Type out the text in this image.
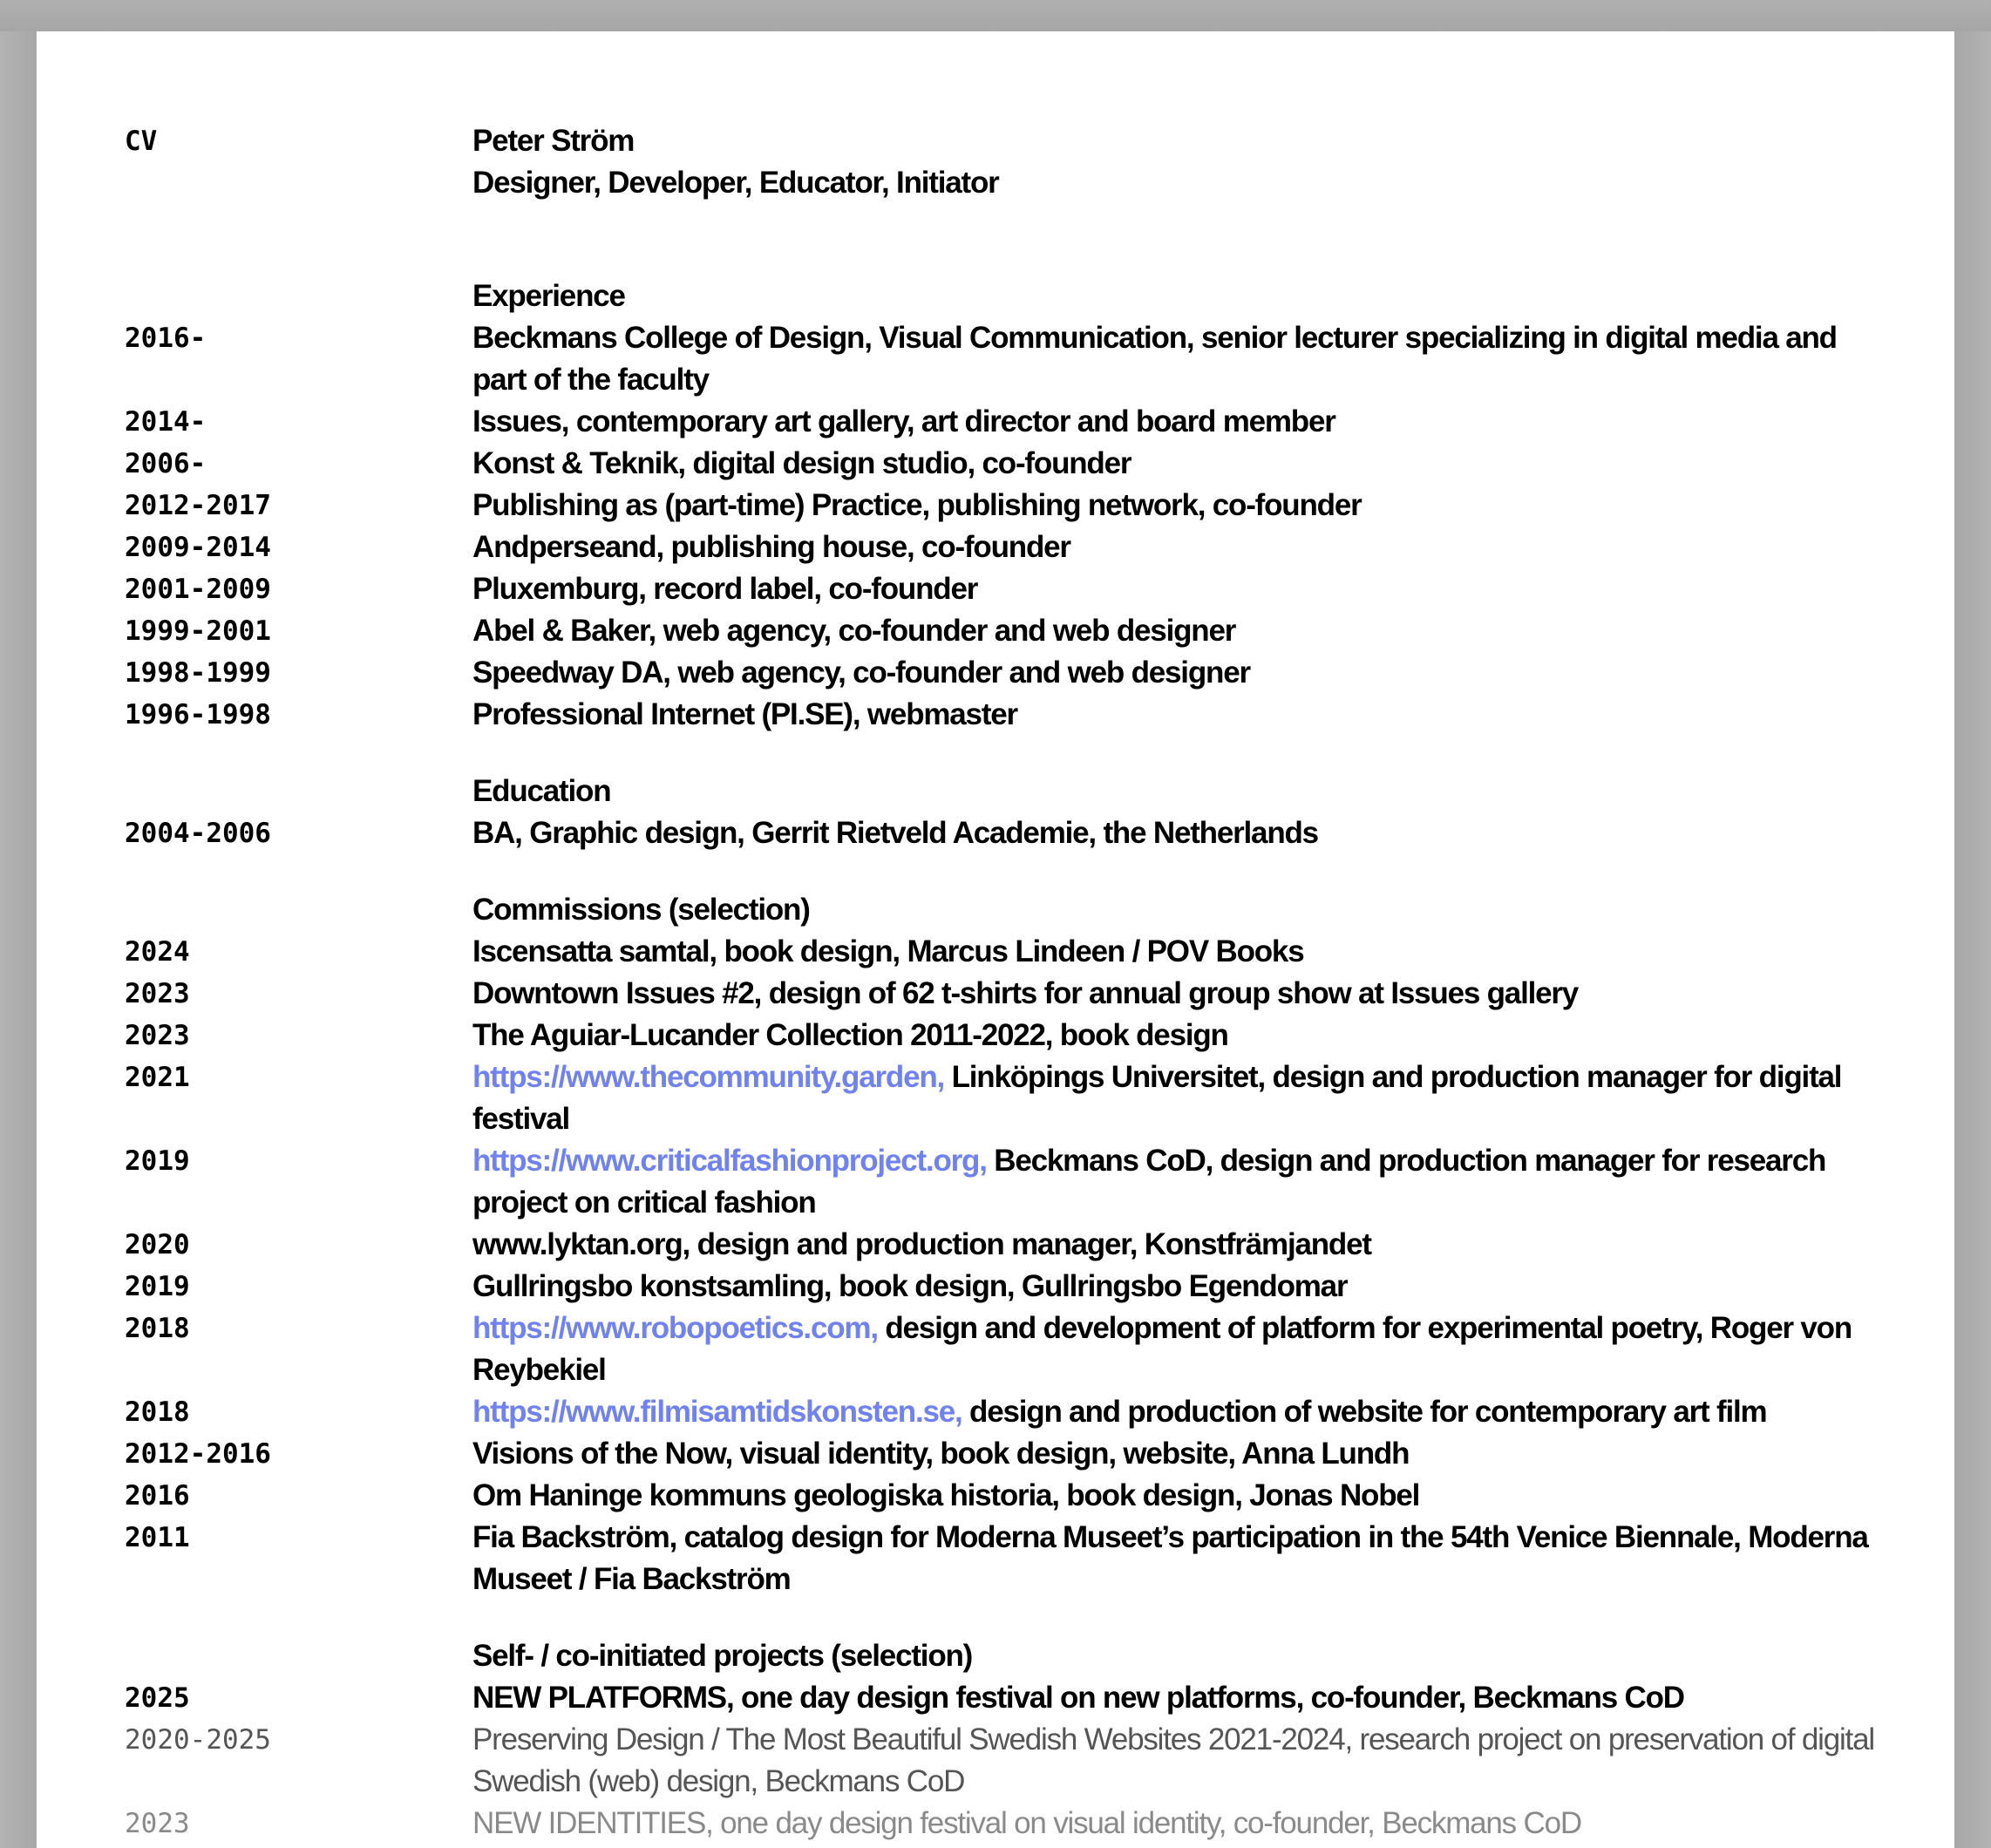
CV	Peter Ström
Designer, Developer, Educator, Initiator
Experience
2016-	Beckmans College of Design, Visual Communication, senior lecturer specializing in digital media and part of the faculty
2014-	Issues, contemporary art gallery, art director and board member
2006-	Konst & Teknik, digital design studio, co-founder
2012-2017	Publishing as (part-time) Practice, publishing network, co-founder
2009-2014	Andperseand, publishing house, co-founder
2001-2009	Pluxemburg, record label, co-founder
1999-2001	Abel & Baker, web agency, co-founder and web designer
1998-1999	Speedway DA, web agency, co-founder and web designer
1996-1998	Professional Internet (PI.SE), webmaster
Education
2004-2006	BA, Graphic design, Gerrit Rietveld Academie, the Netherlands
Commissions (selection)
2024	Iscensatta samtal, book design, Marcus Lindeen / POV Books
2023	Downtown Issues #2, design of 62 t-shirts for annual group show at Issues gallery
2023	The Aguiar-Lucander Collection 2011-2022, book design
2021	https://www.thecommunity.garden, Linköpings Universitet, design and production manager for digital festival
2019	https://www.criticalfashionproject.org, Beckmans CoD, design and production manager for research project on critical fashion
2020	www.lyktan.org, design and production manager, Konstfrämjandet
2019	Gullringsbo konstsamling, book design, Gullringsbo Egendomar
2018	https://www.robopoetics.com, design and development of platform for experimental poetry, Roger von Reybekiel
2018	https://www.filmisamtidskonsten.se, design and production of website for contemporary art film
2012-2016	Visions of the Now, visual identity, book design, website, Anna Lundh
2016	Om Haninge kommuns geologiska historia, book design, Jonas Nobel
2011	Fia Backström, catalog design for Moderna Museet’s participation in the 54th Venice Biennale, Moderna Museet / Fia Backström
Self- / co-initiated projects (selection)
2025	NEW PLATFORMS, one day design festival on new platforms, co-founder, Beckmans CoD
2020-2025	Preserving Design / The Most Beautiful Swedish Websites 2021-2024, research project on preservation of digital Swedish (web) design, Beckmans CoD
2023	NEW IDENTITIES, one day design festival on visual identity, co-founder, Beckmans CoD
